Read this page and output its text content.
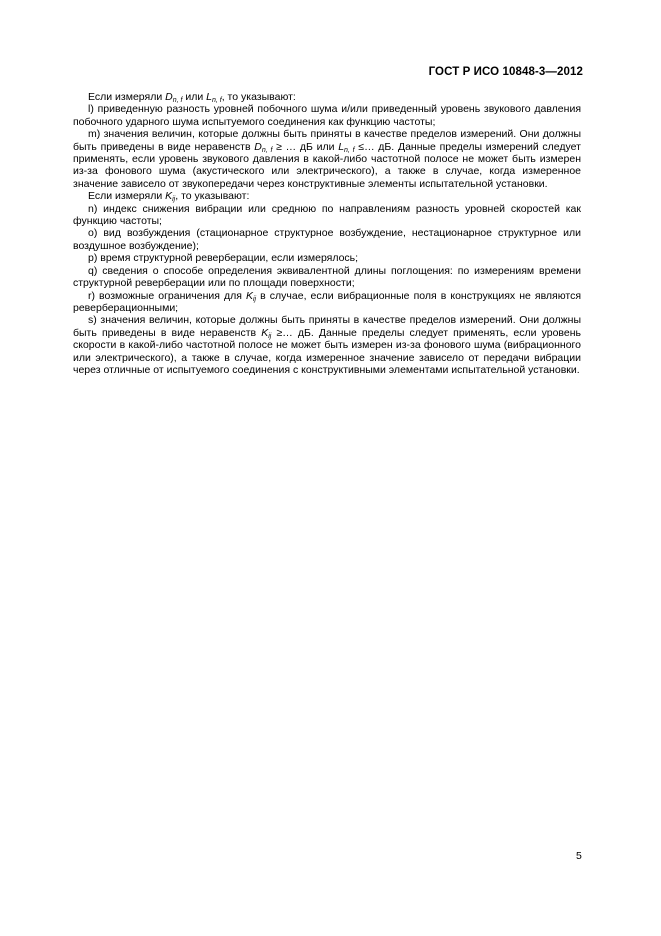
ГОСТ Р ИСО 10848-3—2012

Если измеряли $D_{n, f}$ или $L_{n, f}$, то указывают:

l) приведенную разность уровней побочного шума и/или приведенный уровень звукового давления побочного ударного шума испытуемого соединения как функцию частоты;

m) значения величин, которые должны быть приняты в качестве пределов измерений. Они должны быть приведены в виде неравенств $D_{n, f}$ ≥ … дБ или $L_{n, f}$ ≤… дБ. Данные пределы измерений следует применять, если уровень звукового давления в какой-либо частотной полосе не может быть измерен из-за фонового шума (акустического или электрического), а также в случае, когда измеренное значение зависело от звукопередачи через конструктивные элементы испытательной установки.

Если измеряли $K_{ij}$, то указывают:

n) индекс снижения вибрации или среднюю по направлениям разность уровней скоростей как функцию частоты;

o) вид возбуждения (стационарное структурное возбуждение, нестационарное структурное или воздушное возбуждение);

p) время структурной реверберации, если измерялось;

q) сведения о способе определения эквивалентной длины поглощения: по измерениям времени структурной реверберации или по площади поверхности;

r) возможные ограничения для $K_{ij}$ в случае, если вибрационные поля в конструкциях не являются реверберационными;

s) значения величин, которые должны быть приняты в качестве пределов измерений. Они должны быть приведены в виде неравенств $K_{ij}$ ≥… дБ. Данные пределы следует применять, если уровень скорости в какой-либо частотной полосе не может быть измерен из-за фонового шума (вибрационного или электрического), а также в случае, когда измеренное значение зависело от передачи вибрации через отличные от испытуемого соединения с конструктивными элементами испытательной установки.

5
